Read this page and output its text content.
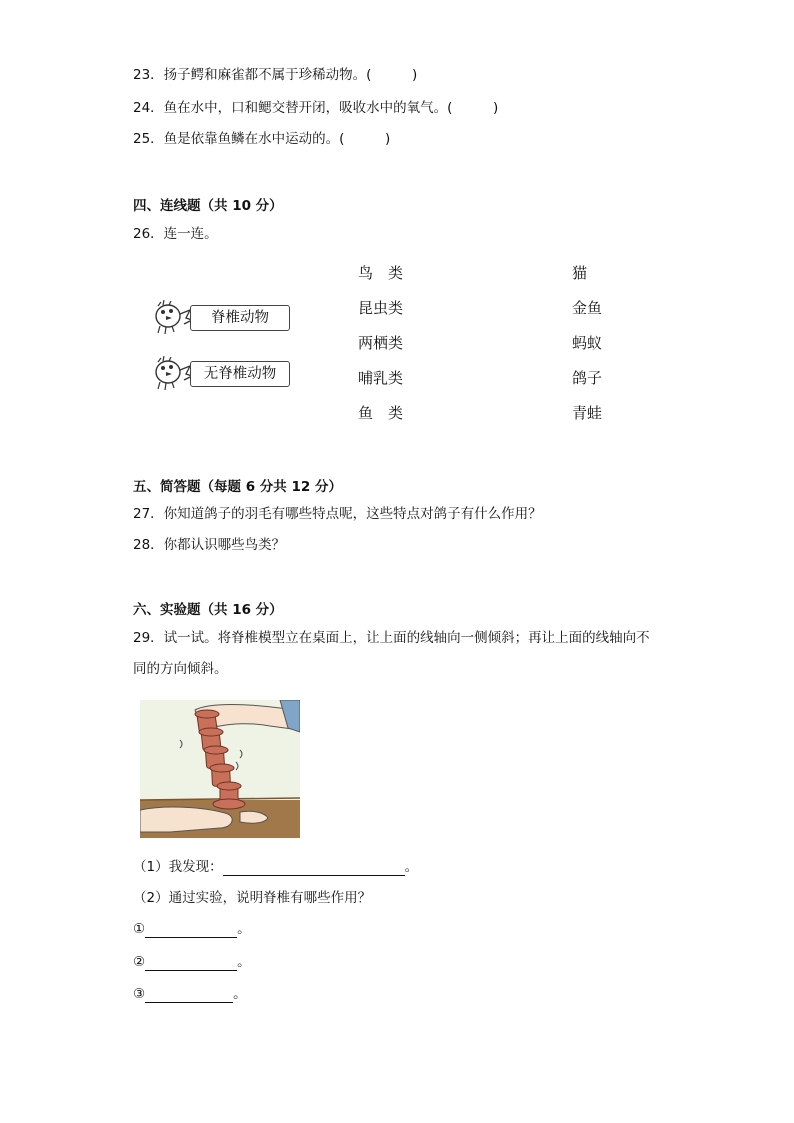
23．扬子鳄和麻雀都不属于珍稀动物。(　　　)
24．鱼在水中，口和鳃交替开闭，吸收水中的氧气。(　　　)
25．鱼是依靠鱼鳞在水中运动的。(　　　)
四、连线题（共 10 分）
26．连一连。
脊椎动物
无脊椎动物
鸟　类
昆虫类
两栖类
哺乳类
鱼　类
猫
金鱼
蚂蚁
鸽子
青蛙
五、简答题（每题 6 分共 12 分）
27．你知道鸽子的羽毛有哪些特点呢，这些特点对鸽子有什么作用？
28．你都认识哪些鸟类？
六、实验题（共 16 分）
29．试一试。将脊椎模型立在桌面上，让上面的线轴向一侧倾斜；再让上面的线轴向不
同的方向倾斜。
（1）我发现：	。
（2）通过实验，说明脊椎有哪些作用？
①	。
②	。
③	。
